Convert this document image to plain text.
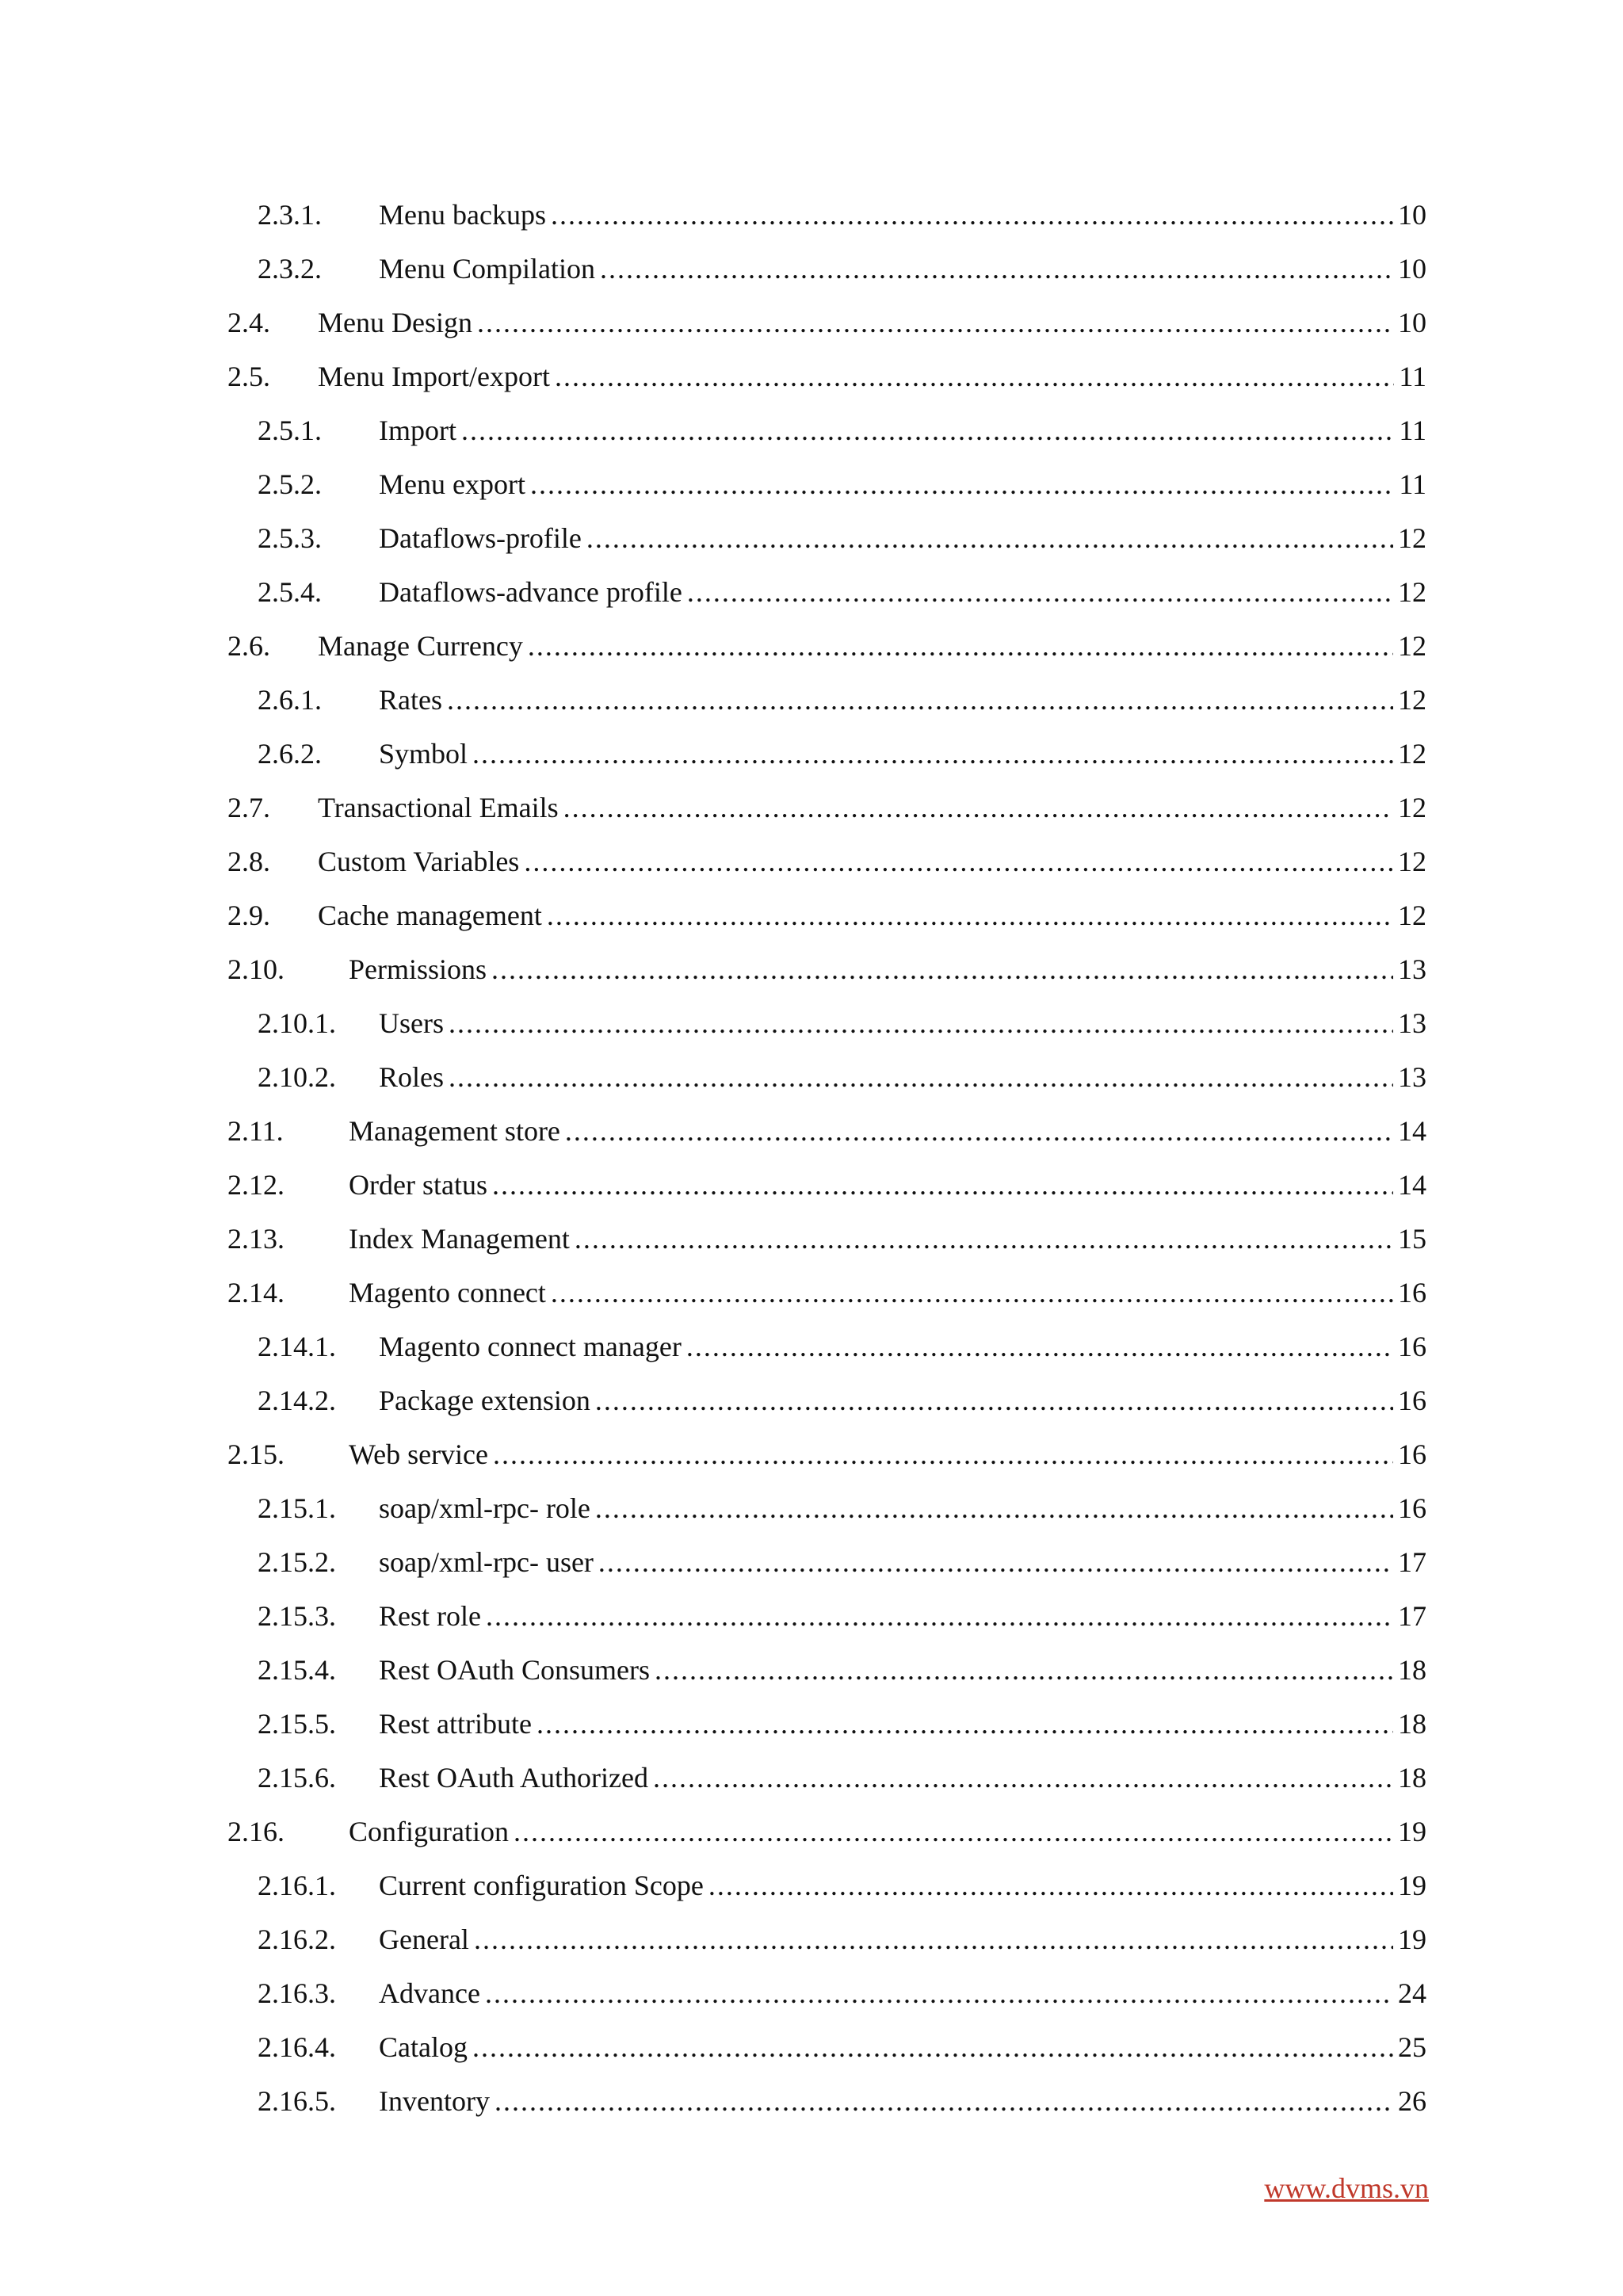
2.3.1. Menu backups .....	10
2.3.2. Menu Compilation .....	10
2.4. Menu Design .....	10
2.5. Menu Import/export .....	11
2.5.1. Import .....	11
2.5.2. Menu export .....	11
2.5.3. Dataflows-profile .....	12
2.5.4. Dataflows-advance profile .....	12
2.6. Manage Currency .....	12
2.6.1. Rates .....	12
2.6.2. Symbol .....	12
2.7. Transactional Emails .....	12
2.8. Custom Variables .....	12
2.9. Cache management .....	12
2.10. Permissions .....	13
2.10.1. Users .....	13
2.10.2. Roles .....	13
2.11. Management store .....	14
2.12. Order status .....	14
2.13. Index Management .....	15
2.14. Magento connect .....	16
2.14.1. Magento connect manager .....	16
2.14.2. Package extension .....	16
2.15. Web service .....	16
2.15.1. soap/xml-rpc- role .....	16
2.15.2. soap/xml-rpc- user .....	17
2.15.3. Rest role .....	17
2.15.4. Rest OAuth Consumers .....	18
2.15.5. Rest attribute .....	18
2.15.6. Rest OAuth Authorized .....	18
2.16. Configuration .....	19
2.16.1. Current configuration Scope .....	19
2.16.2. General .....	19
2.16.3. Advance .....	24
2.16.4. Catalog .....	25
2.16.5. Inventory .....	26
www.dvms.vn
